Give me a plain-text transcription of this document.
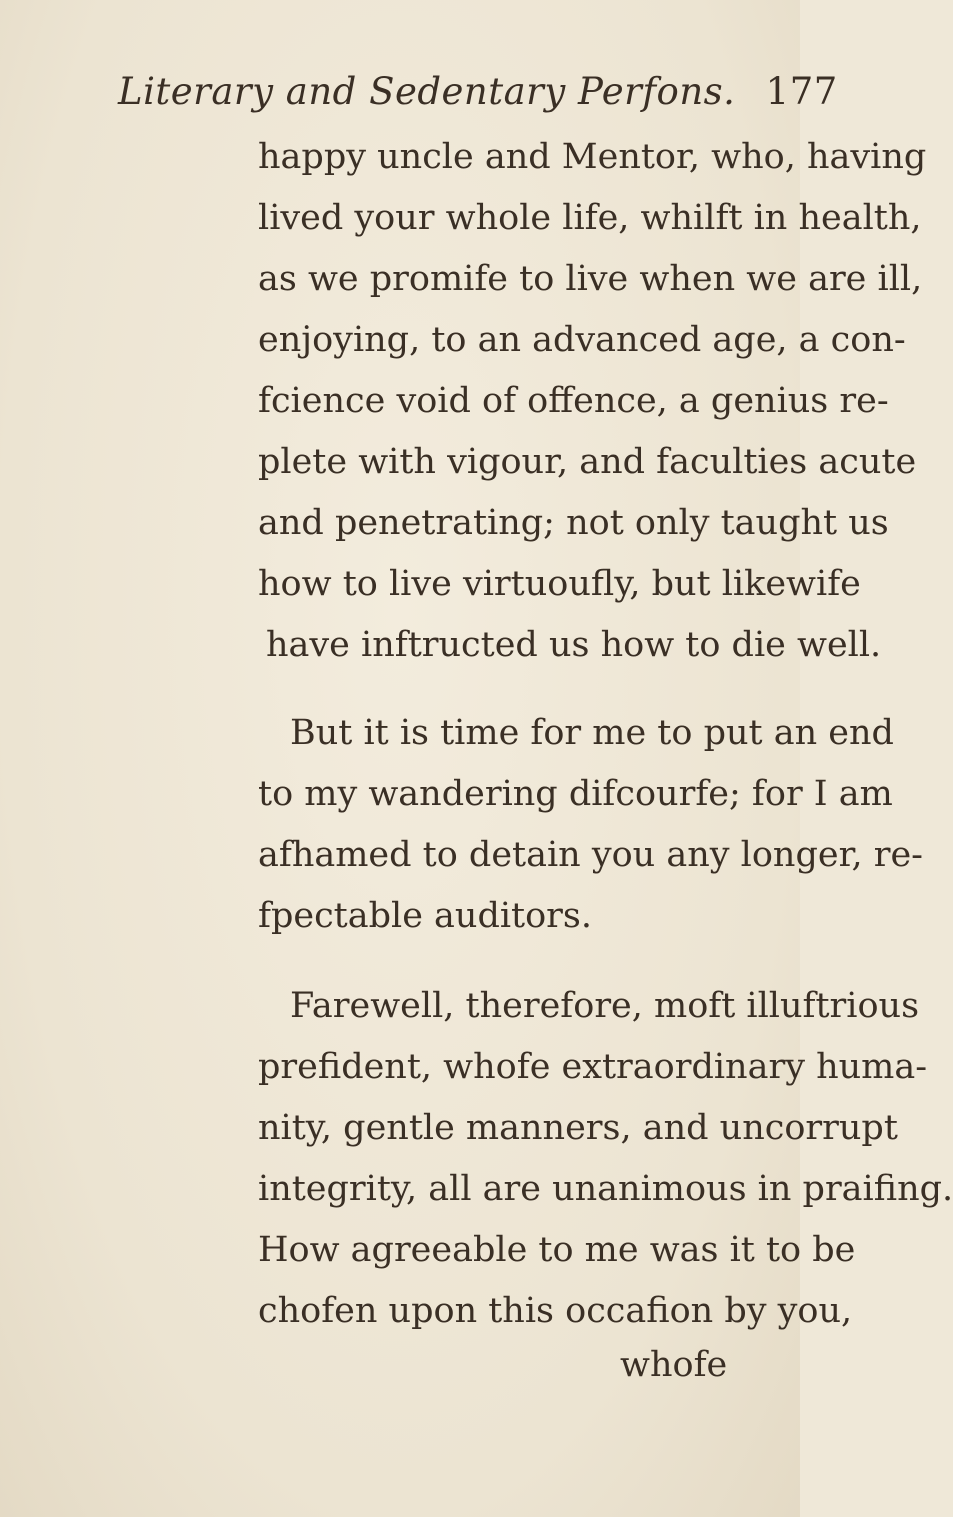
Literary and Sedentary Perfons. 177
happy uncle and Mentor, who, having
lived your whole life, whilft in health,
as we promife to live when we are ill,
enjoying, to an advanced age, a con-
fcience void of offence, a genius re-
plete with vigour, and faculties acute
and penetrating; not only taught us
how to live virtuoufly, but likewife
have inftructed us how to die well.
But it is time for me to put an end
to my wandering difcourfe; for I am
afhamed to detain you any longer, re-
fpectable auditors.
Farewell, therefore, moft illuftrious
prefident, whofe extraordinary huma-
nity, gentle manners, and uncorrupt
integrity, all are unanimous in praifing.
How agreeable to me was it to be
chofen upon this occafion by you,
whofe
